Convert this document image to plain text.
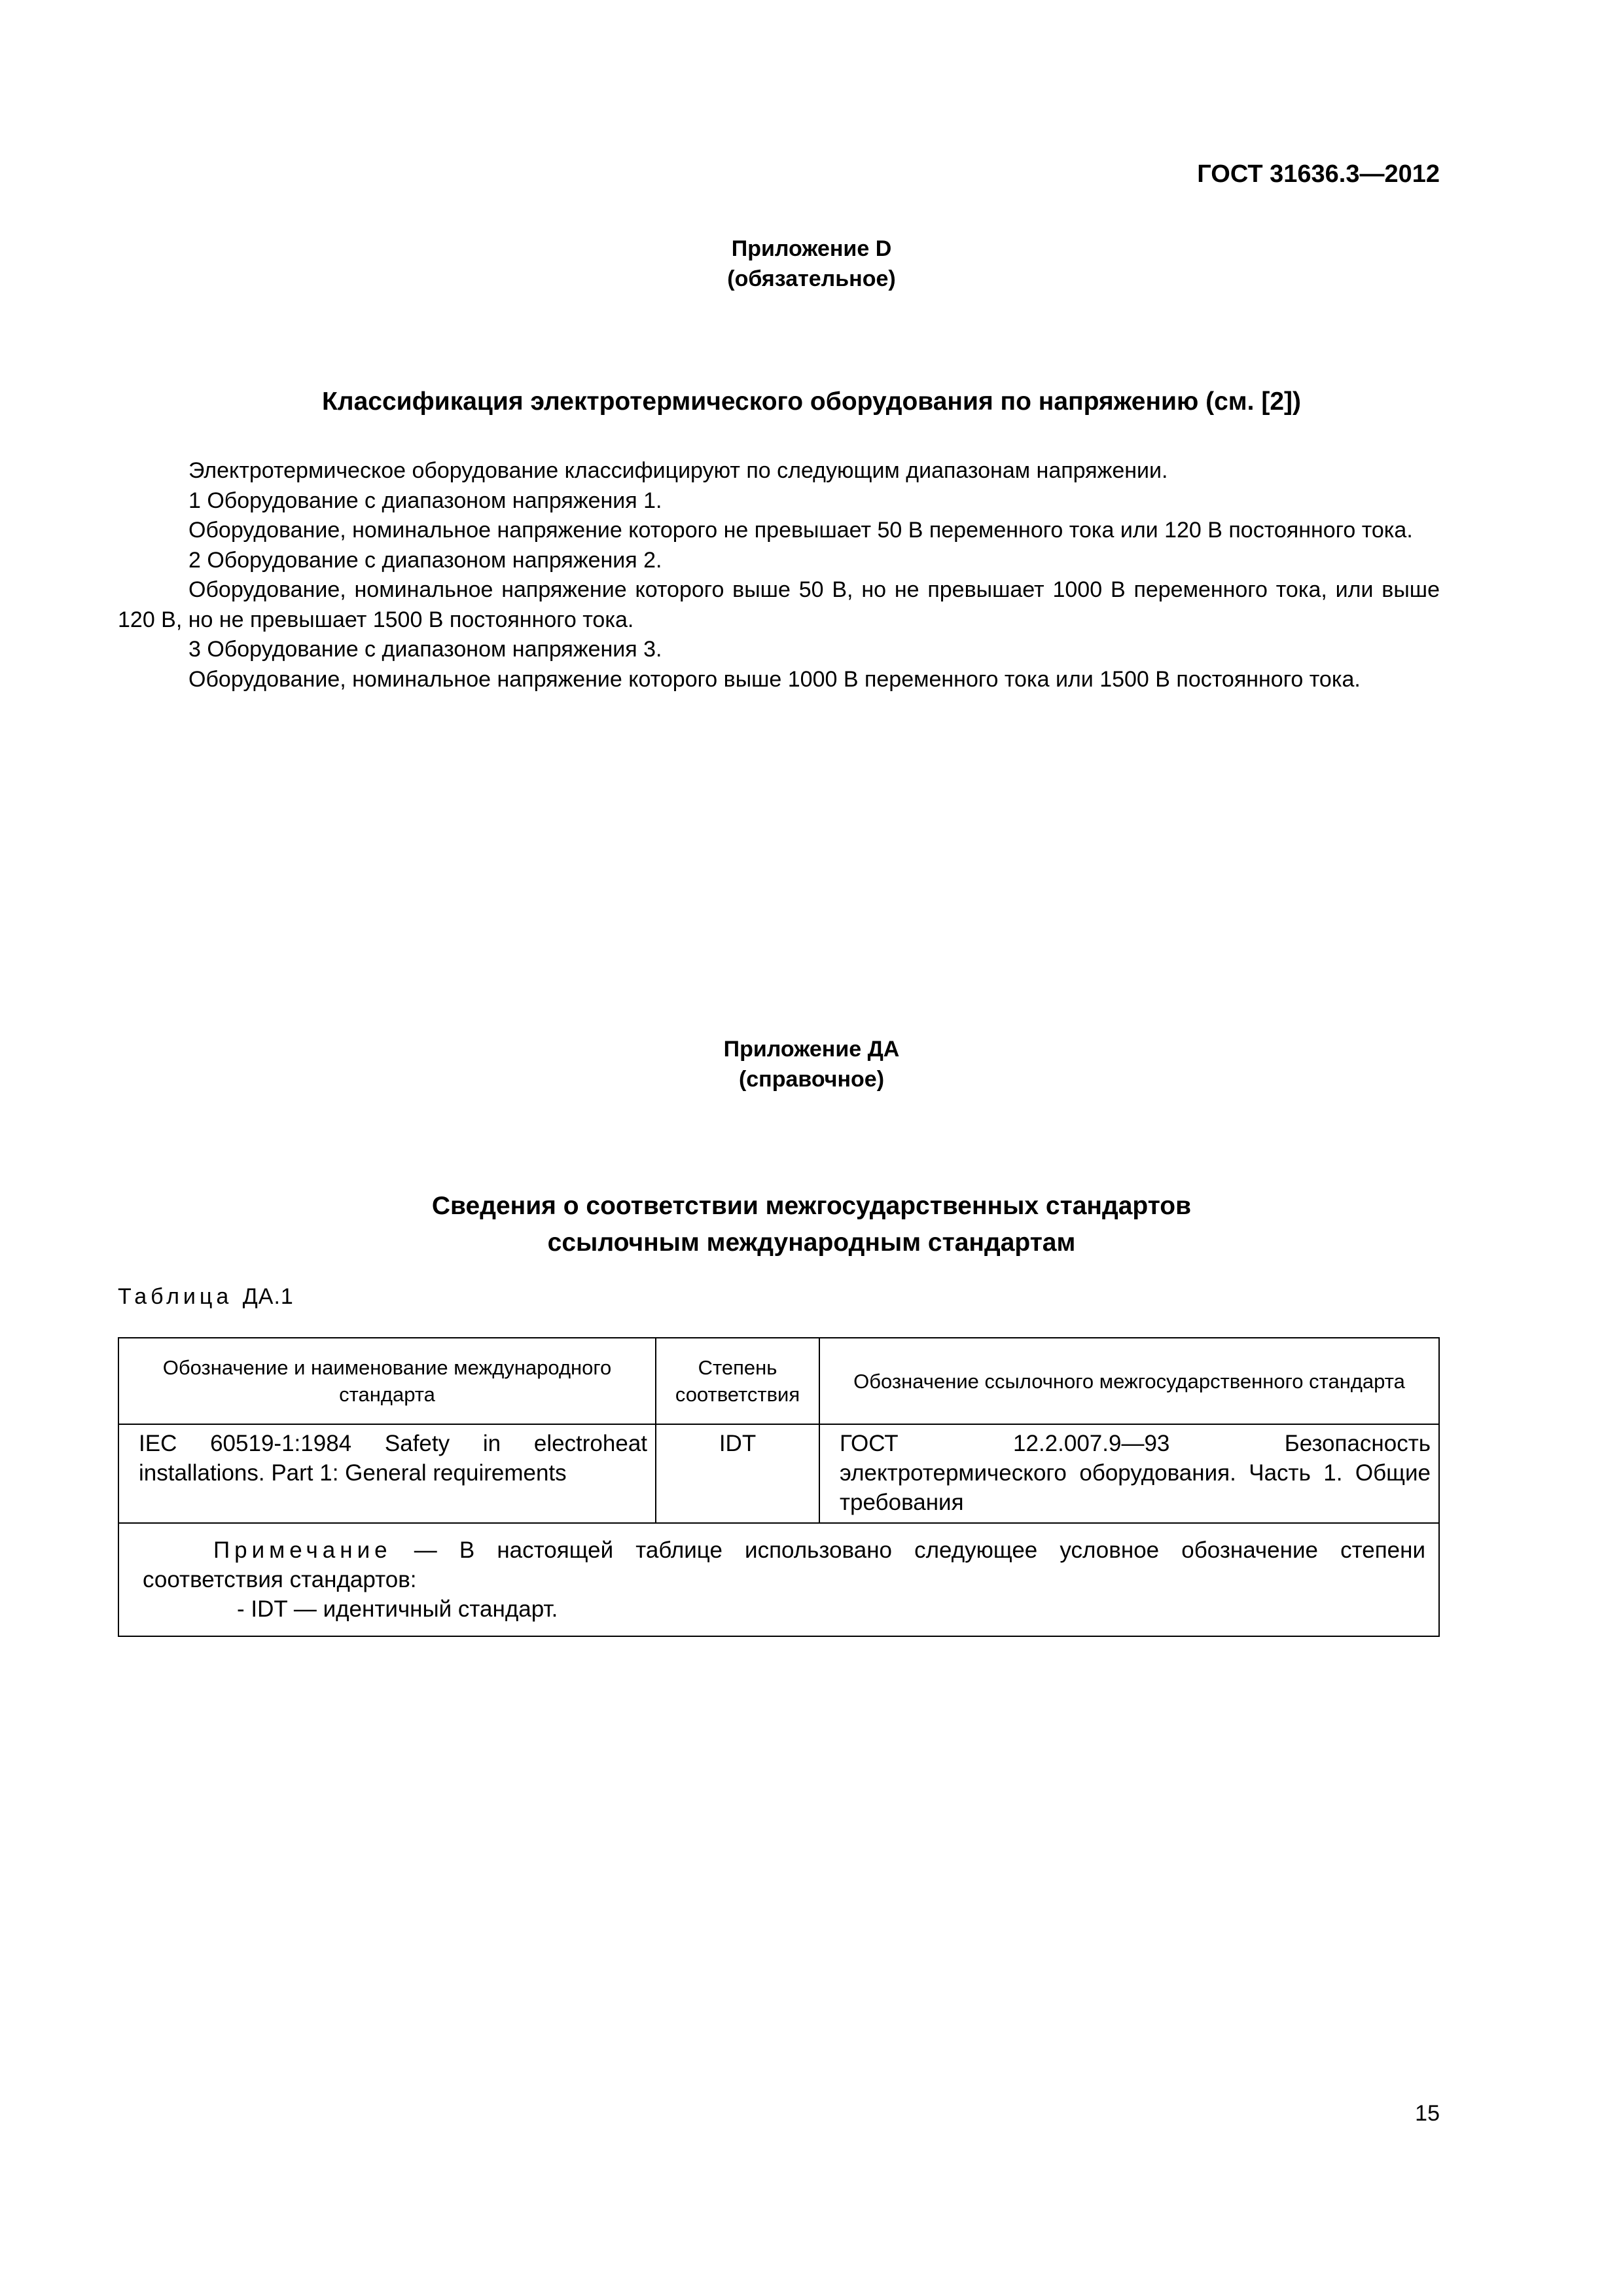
ГОСТ 31636.3—2012
Приложение D
(обязательное)
Классификация электротермического оборудования по напряжению (см. [2])

Электротермическое оборудование классифицируют по следующим диапазонам напряжении.

1 Оборудование с диапазоном напряжения 1.

Оборудование, номинальное напряжение которого не превышает 50 В переменного тока или 120 В постоянного тока.

2 Оборудование с диапазоном напряжения 2.

Оборудование, номинальное напряжение которого выше 50 В, но не превышает 1000 В переменного тока, или выше 120 В, но не превышает 1500 В постоянного тока.

3 Оборудование с диапазоном напряжения 3.

Оборудование, номинальное напряжение которого выше 1000 В переменного тока или 1500 В постоянного тока.

Приложение ДА
(справочное)
Сведения о соответствии межгосударственных стандартов
ссылочным международным стандартам
Таблица ДА.1
Обозначение и наименование международного стандарта	Степень соответствия	Обозначение ссылочного межгосударственного стандарта
IEC 60519-1:1984 Safety in electroheat installations. Part 1: General requirements	IDT	ГОСТ 12.2.007.9—93 Безопасность электротермического оборудования. Часть 1. Общие требования

Примечание — В настоящей таблице использовано следующее условное обозначение степени соответствия стандартов:

- IDT — идентичный стандарт.		

15
